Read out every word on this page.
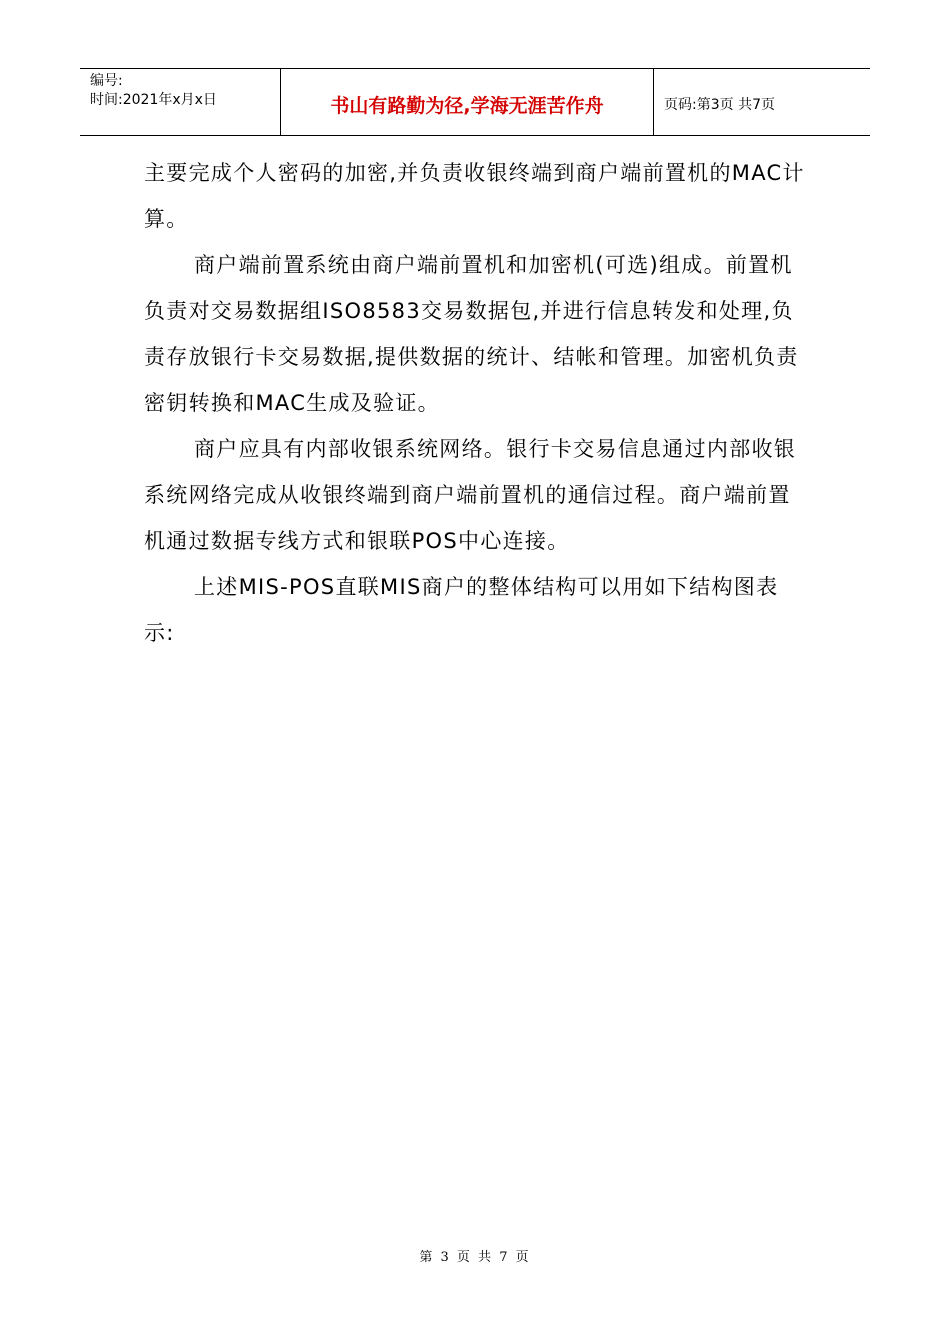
编号:
时间:2021年x月x日	书山有路勤为径,学海无涯苦作舟	页码:第3页 共7页

主要完成个人密码的加密,并负责收银终端到商户端前置机的MAC计算。

商户端前置系统由商户端前置机和加密机(可选)组成。前置机负责对交易数据组ISO8583交易数据包,并进行信息转发和处理,负责存放银行卡交易数据,提供数据的统计、结帐和管理。加密机负责密钥转换和MAC生成及验证。

商户应具有内部收银系统网络。银行卡交易信息通过内部收银系统网络完成从收银终端到商户端前置机的通信过程。商户端前置机通过数据专线方式和银联POS中心连接。

上述MIS-POS直联MIS商户的整体结构可以用如下结构图表示:

第 3 页 共 7 页
